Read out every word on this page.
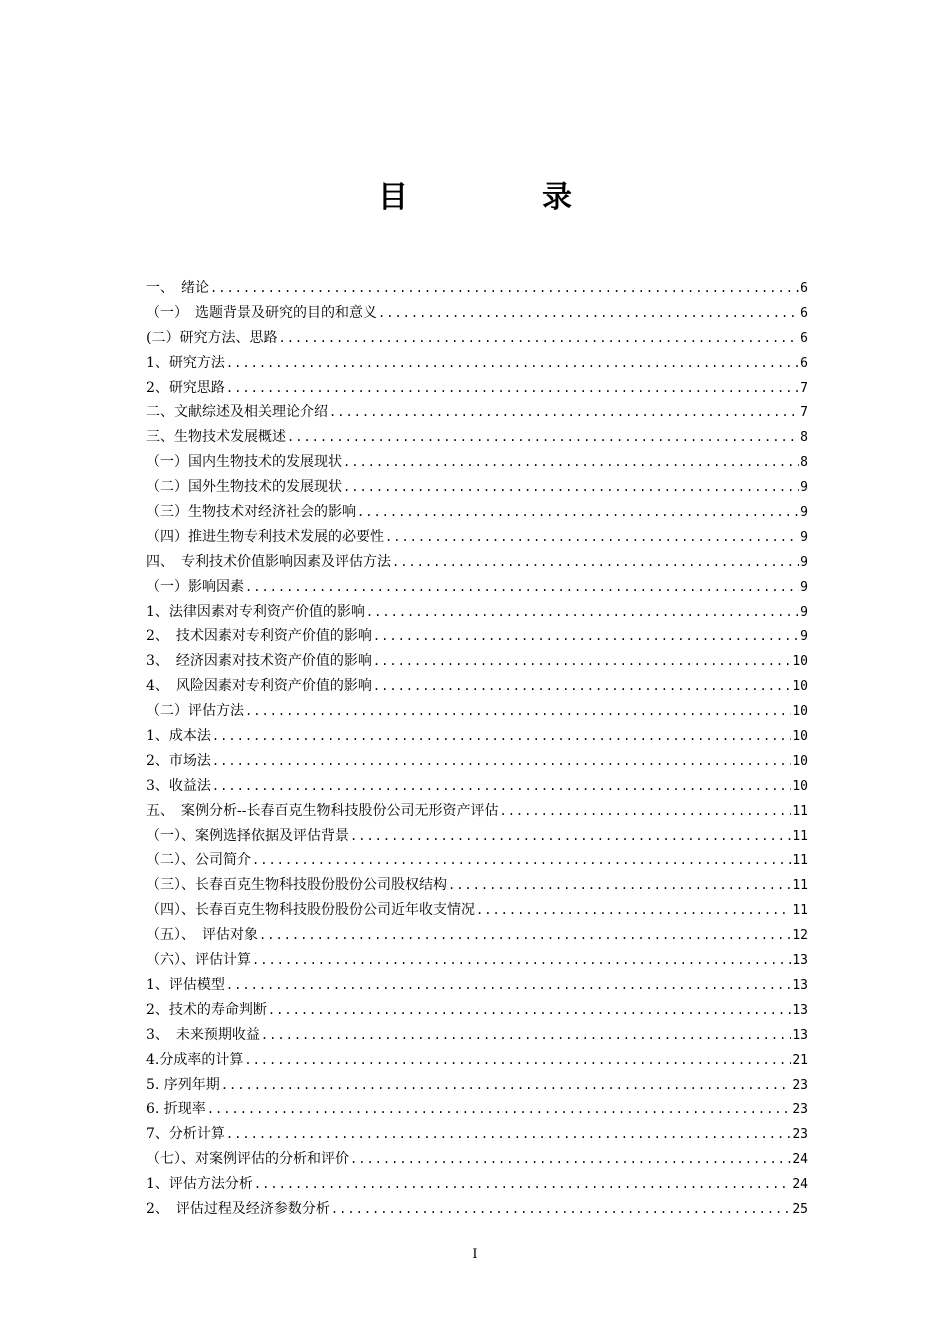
目　录
一、　绪论 .....	6
（一）　选题背景及研究的目的和意义 .....	6
(二）研究方法、思路 .....	6
1、研究方法 .....	6
2、研究思路 .....	7
二、文献综述及相关理论介绍 .....	7
三、生物技术发展概述 .....	8
（一）国内生物技术的发展现状 .....	8
（二）国外生物技术的发展现状 .....	9
（三）生物技术对经济社会的影响 .....	9
（四）推进生物专利技术发展的必要性 .....	9
四、　专利技术价值影响因素及评估方法 .....	9
（一）影响因素 .....	9
1、法律因素对专利资产价值的影响 .....	9
2、　技术因素对专利资产价值的影响 .....	9
3、　经济因素对技术资产价值的影响 .....	10
4、　风险因素对专利资产价值的影响 .....	10
（二）评估方法 .....	10
1、成本法 .....	10
2、市场法 .....	10
3、收益法 .....	10
五、　案例分析--长春百克生物科技股份公司无形资产评估 .....	11
（一）、案例选择依据及评估背景 .....	11
（二）、公司简介 .....	11
（三）、长春百克生物科技股份股份公司股权结构 .....	11
（四）、长春百克生物科技股份股份公司近年收支情况 .....	11
（五）、　评估对象 .....	12
（六）、评估计算 .....	13
1、评估模型 .....	13
2、技术的寿命判断 .....	13
3、　未来预期收益 .....	13
4.分成率的计算 .....	21
5. 序列年期 .....	23
6. 折现率 .....	23
7、分析计算 .....	23
（七）、对案例评估的分析和评价 .....	24
1、评估方法分析 .....	24
2、　评估过程及经济参数分析 .....	25
I
